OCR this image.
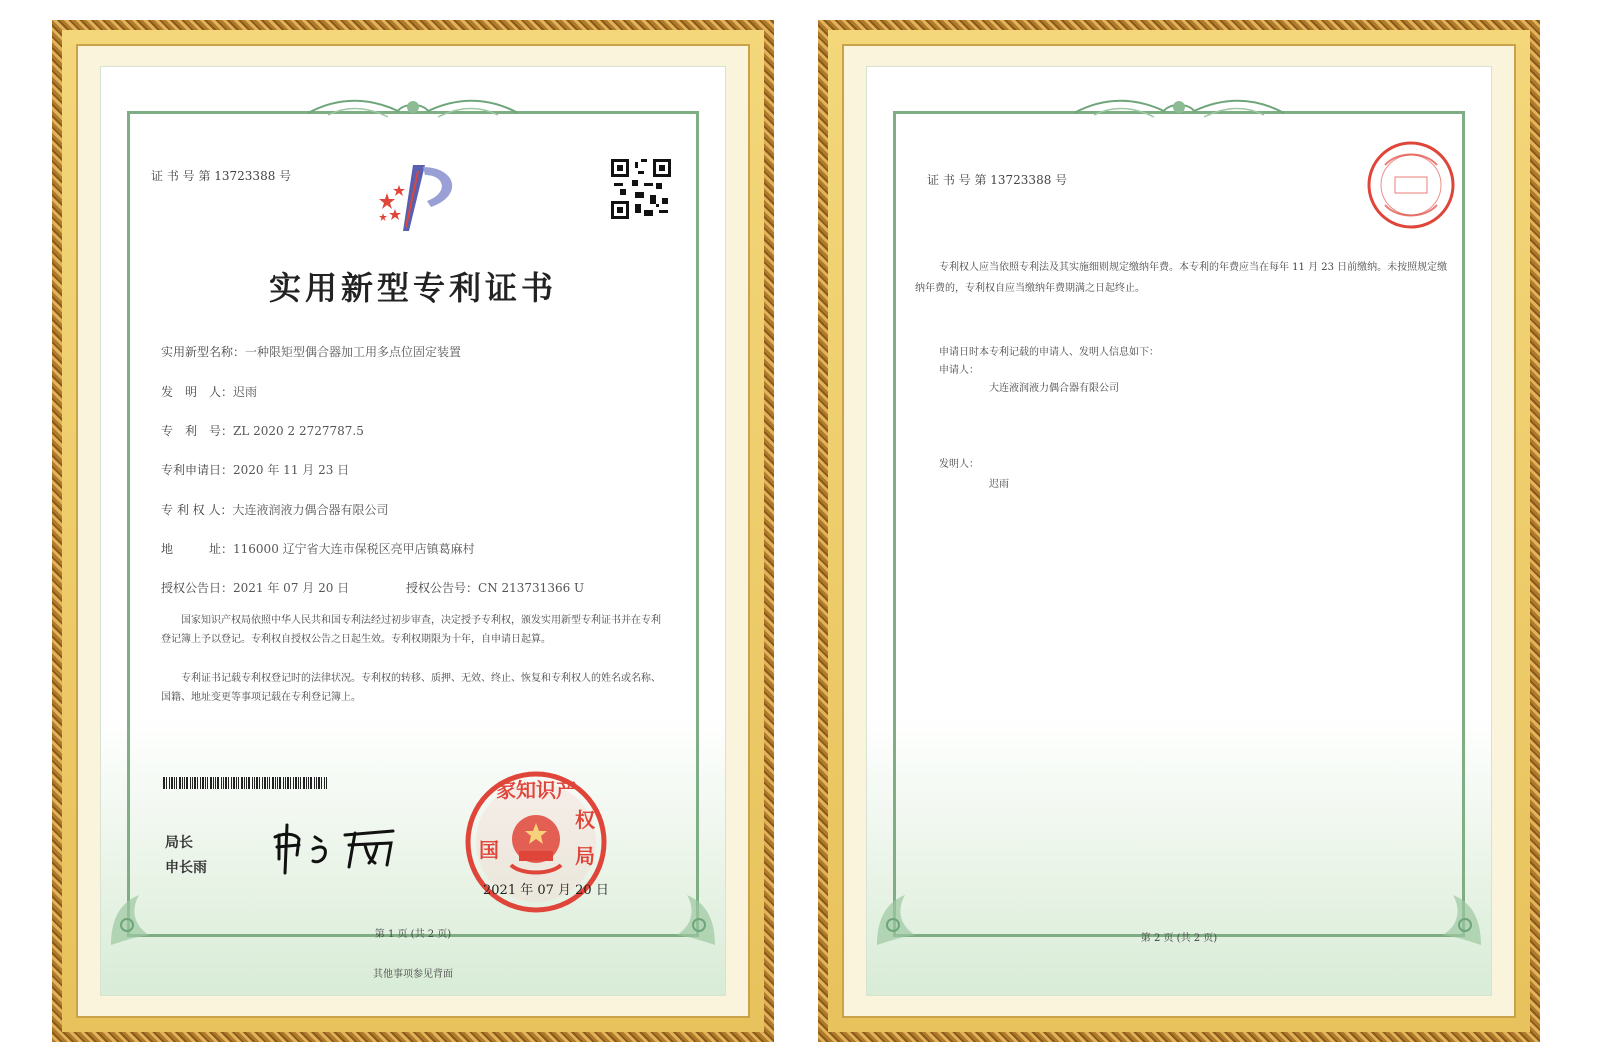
证 书 号 第 13723388 号
实用新型专利证书
实用新型名称：一种限矩型偶合器加工用多点位固定装置
发　明　人：迟雨
专　利　号：ZL 2020 2 2727787.5
专利申请日：2020 年 11 月 23 日
专 利 权 人：大连液润液力偶合器有限公司
地　　　址：116000 辽宁省大连市保税区亮甲店镇葛麻村
授权公告日：2021 年 07 月 20 日	授权公告号：CN 213731366 U
国家知识产权局依照中华人民共和国专利法经过初步审查，决定授予专利权，颁发实用新型专利证书并在专利登记簿上予以登记。专利权自授权公告之日起生效。专利权期限为十年，自申请日起算。
专利证书记载专利权登记时的法律状况。专利权的转移、质押、无效、终止、恢复和专利权人的姓名或名称、国籍、地址变更等事项记载在专利登记簿上。
局长
申长雨
家知识产
国
权
局
2021 年 07 月 20 日
第 1 页 (共 2 页)
其他事项参见背面
证 书 号 第 13723388 号
专利权人应当依照专利法及其实施细则规定缴纳年费。本专利的年费应当在每年 11 月 23 日前缴纳。未按照规定缴纳年费的，专利权自应当缴纳年费期满之日起终止。
申请日时本专利记载的申请人、发明人信息如下：
申请人：
大连液润液力偶合器有限公司
发明人：
迟雨
第 2 页 (共 2 页)
